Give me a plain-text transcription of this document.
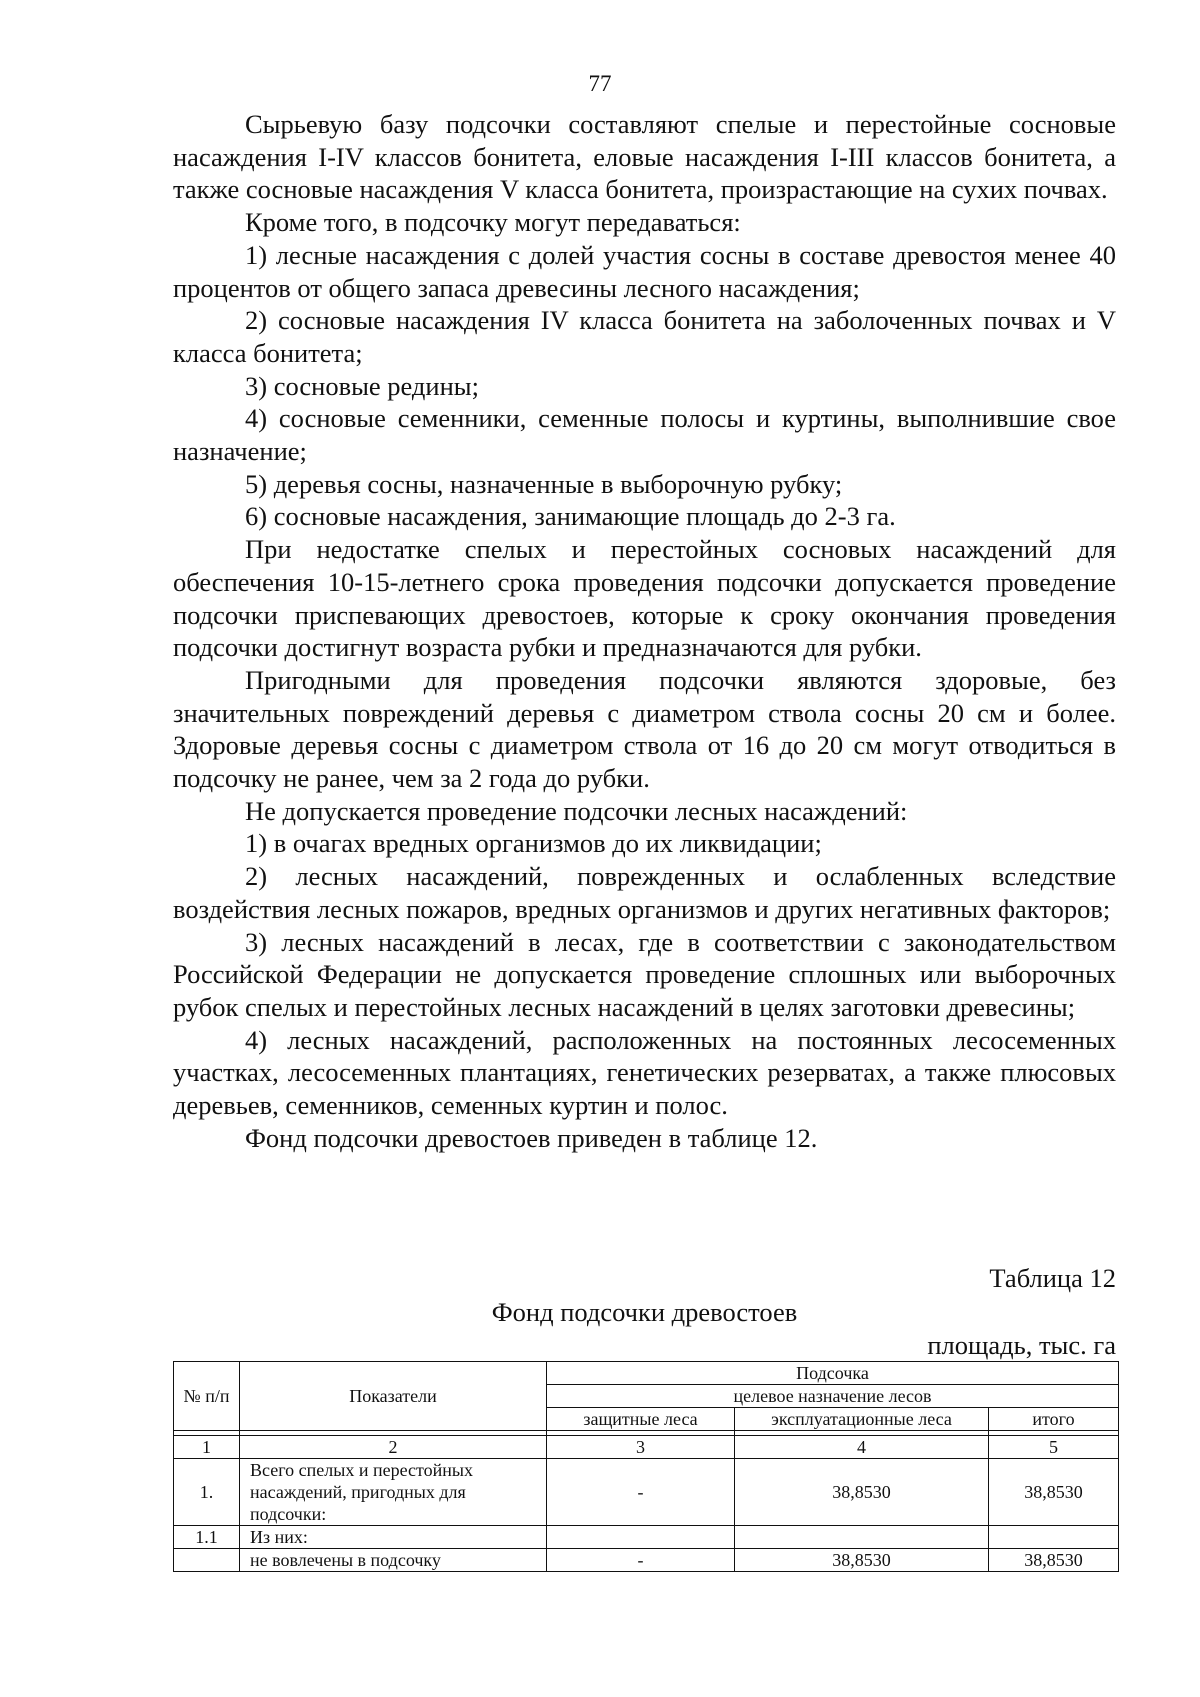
77

Сырьевую базу подсочки составляют спелые и перестойные сосновые насаждения I-IV классов бонитета, еловые насаждения I-III классов бонитета, а также сосновые насаждения V класса бонитета, произрастающие на сухих почвах.

Кроме того, в подсочку могут передаваться:

1) лесные насаждения с долей участия сосны в составе древостоя менее 40 процентов от общего запаса древесины лесного насаждения;

2) сосновые насаждения IV класса бонитета на заболоченных почвах и V класса бонитета;

3) сосновые редины;

4) сосновые семенники, семенные полосы и куртины, выполнившие свое назначение;

5) деревья сосны, назначенные в выборочную рубку;

6) сосновые насаждения, занимающие площадь до 2-3 га.

При недостатке спелых и перестойных сосновых насаждений для обеспечения 10-15-летнего срока проведения подсочки допускается проведение подсочки приспевающих древостоев, которые к сроку окончания проведения подсочки достигнут возраста рубки и предназначаются для рубки.

Пригодными для проведения подсочки являются здоровые, без значительных повреждений деревья с диаметром ствола сосны 20 см и более. Здоровые деревья сосны с диаметром ствола от 16 до 20 см могут отводиться в подсочку не ранее, чем за 2 года до рубки.

Не допускается проведение подсочки лесных насаждений:

1) в очагах вредных организмов до их ликвидации;

2) лесных насаждений, поврежденных и ослабленных вследствие воздействия лесных пожаров, вредных организмов и других негативных факторов;

3) лесных насаждений в лесах, где в соответствии с законодательством Российской Федерации не допускается проведение сплошных или выборочных рубок спелых и перестойных лесных насаждений в целях заготовки древесины;

4) лесных насаждений, расположенных на постоянных лесосеменных участках, лесосеменных плантациях, генетических резерватах, а также плюсовых деревьев, семенников, семенных куртин и полос.

Фонд подсочки древостоев приведен в таблице 12.

Таблица 12
Фонд подсочки древостоев
площадь, тыс. га
№ п/п	Показатели	Подсочка		
		целевое назначение лесов		
		защитные леса	эксплуатационные леса	итого

1	2	3	4	5
1.	Всего спелых и перестойных насаждений, пригодных для подсочки:	-	38,8530	38,8530
1.1	Из них:			
	не вовлечены в подсочку	-	38,8530	38,8530
